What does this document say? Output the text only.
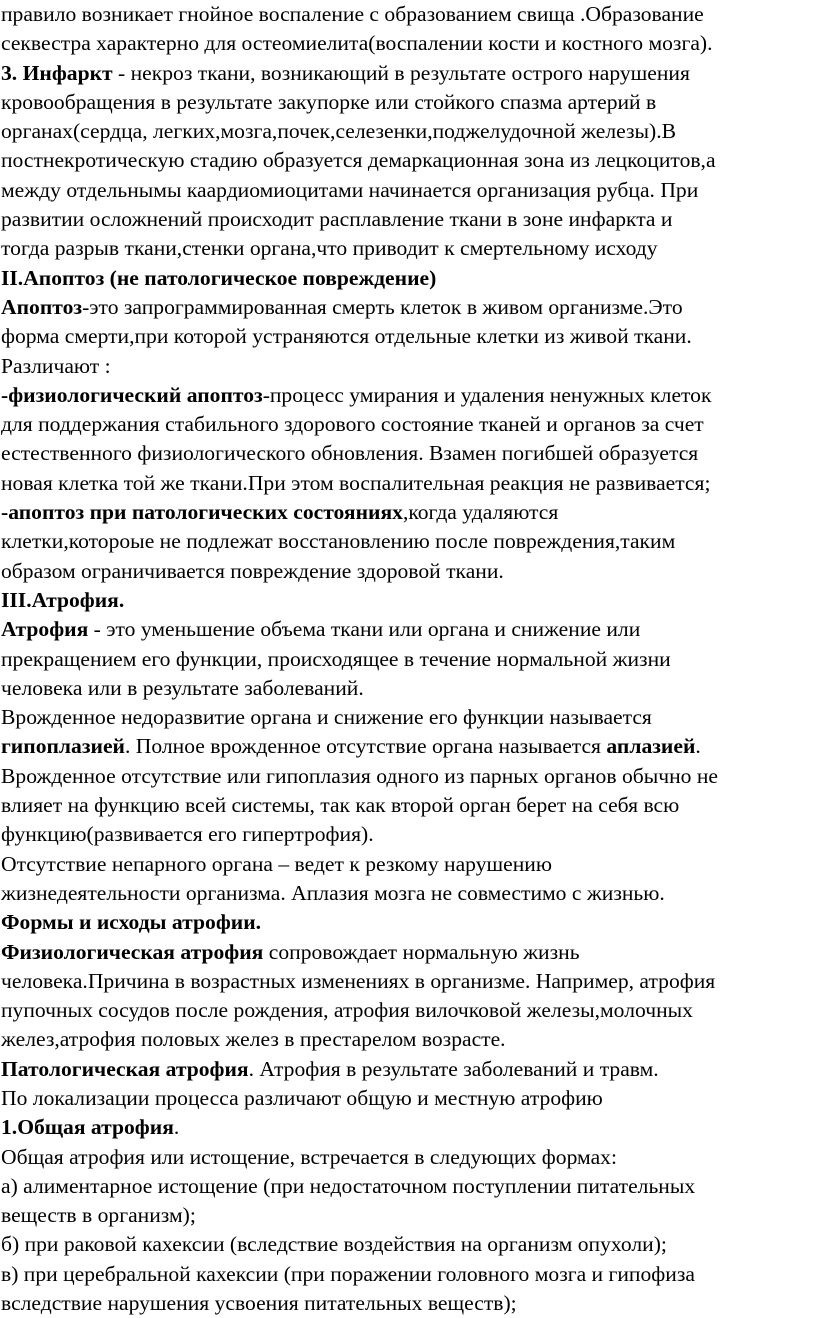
правило возникает гнойное воспаление с образованием свища .Образование
секвестра характерно для остеомиелита(воспалении кости и костного мозга).
3. Инфаркт - некроз ткани, возникающий в результате острого нарушения
кровообращения в результате закупорке или стойкого спазма артерий в
органах(сердца, легких,мозга,почек,селезенки,поджелудочной железы).В
постнекротическую стадию образуется демаркационная зона из лецкоцитов,а
между отдельнымы каардиомиоцитами начинается организация рубца. При
развитии осложнений происходит расплавление ткани в зоне инфаркта и
тогда разрыв ткани,стенки органа,что приводит к смертельному исходу
II.Апоптоз (не патологическое повреждение)
Апоптоз-это запрограммированная смерть клеток в живом организме.Это
форма смерти,при которой устраняются отдельные клетки из живой ткани.
Различают :
-физиологический апоптоз-процесс умирания и удаления ненужных клеток
для поддержания стабильного здорового состояние тканей и органов за счет
естественного физиологического обновления. Взамен погибшей образуется
новая клетка той же ткани.При этом воспалительная реакция не развивается;
-апоптоз при патологических состояниях,когда удаляются
клетки,котороые не подлежат восстановлению после повреждения,таким
образом ограничивается повреждение здоровой ткани.
III.Атрофия.
Атрофия - это уменьшение объема ткани или органа и снижение или
прекращением его функции, происходящее в течение нормальной жизни
человека или в результате заболеваний.
Врожденное недоразвитие органа и снижение его функции называется
гипоплазией. Полное врожденное отсутствие органа называется аплазией.
Врожденное отсутствие или гипоплазия одного из парных органов обычно не
влияет на функцию всей системы, так как второй орган берет на себя всю
функцию(развивается его гипертрофия).
Отсутствие непарного органа – ведет к резкому нарушению
жизнедеятельности организма. Аплазия мозга не совместимо с жизнью.
Формы и исходы атрофии.
Физиологическая атрофия сопровождает нормальную жизнь
человека.Причина в возрастных изменениях в организме. Например, атрофия
пупочных сосудов после рождения, атрофия вилочковой железы,молочных
желез,атрофия половых желез в престарелом возрасте.
Патологическая атрофия. Атрофия в результате заболеваний и травм.
По локализации процесса различают общую и местную атрофию
1.Общая атрофия.
Общая атрофия или истощение, встречается в следующих формах:
а) алиментарное истощение (при недостаточном поступлении питательных
веществ в организм);
б) при раковой кахексии (вследствие воздействия на организм опухоли);
в) при церебральной кахексии (при поражении головного мозга и гипофиза
вследствие нарушения усвоения питательных веществ);
